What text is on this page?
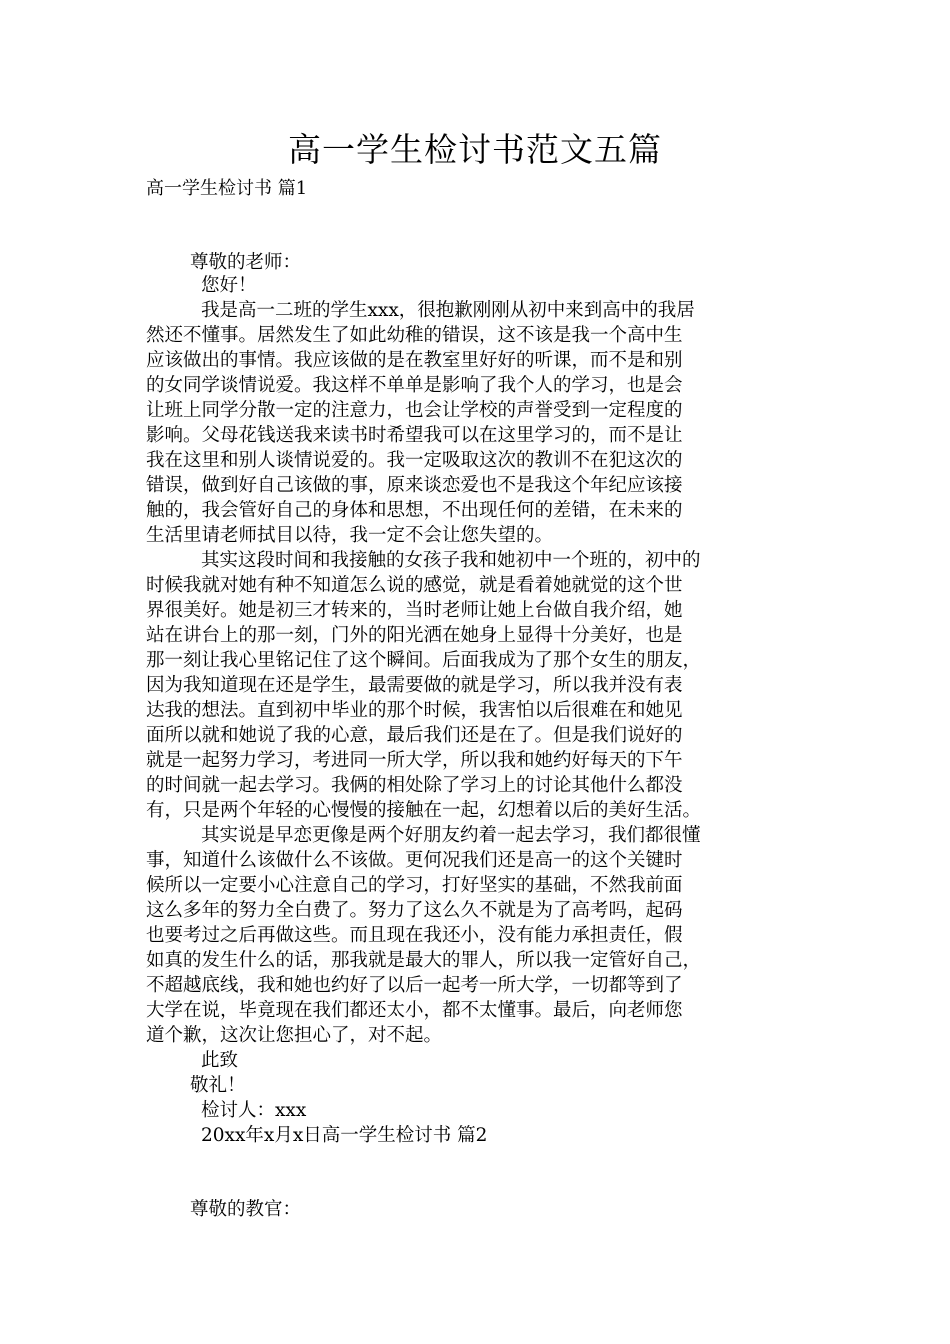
高一学生检讨书范文五篇
高一学生检讨书 篇1
尊敬的老师：
您好！
我是高一二班的学生xxx，很抱歉刚刚从初中来到高中的我居
然还不懂事。居然发生了如此幼稚的错误，这不该是我一个高中生
应该做出的事情。我应该做的是在教室里好好的听课，而不是和别
的女同学谈情说爱。我这样不单单是影响了我个人的学习，也是会
让班上同学分散一定的注意力，也会让学校的声誉受到一定程度的
影响。父母花钱送我来读书时希望我可以在这里学习的，而不是让
我在这里和别人谈情说爱的。我一定吸取这次的教训不在犯这次的
错误，做到好自己该做的事，原来谈恋爱也不是我这个年纪应该接
触的，我会管好自己的身体和思想，不出现任何的差错，在未来的
生活里请老师拭目以待，我一定不会让您失望的。
其实这段时间和我接触的女孩子我和她初中一个班的，初中的
时候我就对她有种不知道怎么说的感觉，就是看着她就觉的这个世
界很美好。她是初三才转来的，当时老师让她上台做自我介绍，她
站在讲台上的那一刻，门外的阳光洒在她身上显得十分美好，也是
那一刻让我心里铭记住了这个瞬间。后面我成为了那个女生的朋友，
因为我知道现在还是学生，最需要做的就是学习，所以我并没有表
达我的想法。直到初中毕业的那个时候，我害怕以后很难在和她见
面所以就和她说了我的心意，最后我们还是在了。但是我们说好的
就是一起努力学习，考进同一所大学，所以我和她约好每天的下午
的时间就一起去学习。我俩的相处除了学习上的讨论其他什么都没
有，只是两个年轻的心慢慢的接触在一起，幻想着以后的美好生活。
其实说是早恋更像是两个好朋友约着一起去学习，我们都很懂
事，知道什么该做什么不该做。更何况我们还是高一的这个关键时
候所以一定要小心注意自己的学习，打好坚实的基础，不然我前面
这么多年的努力全白费了。努力了这么久不就是为了高考吗，起码
也要考过之后再做这些。而且现在我还小，没有能力承担责任，假
如真的发生什么的话，那我就是最大的罪人，所以我一定管好自己，
不超越底线，我和她也约好了以后一起考一所大学，一切都等到了
大学在说，毕竟现在我们都还太小，都不太懂事。最后，向老师您
道个歉，这次让您担心了，对不起。
此致
敬礼！
检讨人：xxx
20xx年x月x日高一学生检讨书 篇2
尊敬的教官：
